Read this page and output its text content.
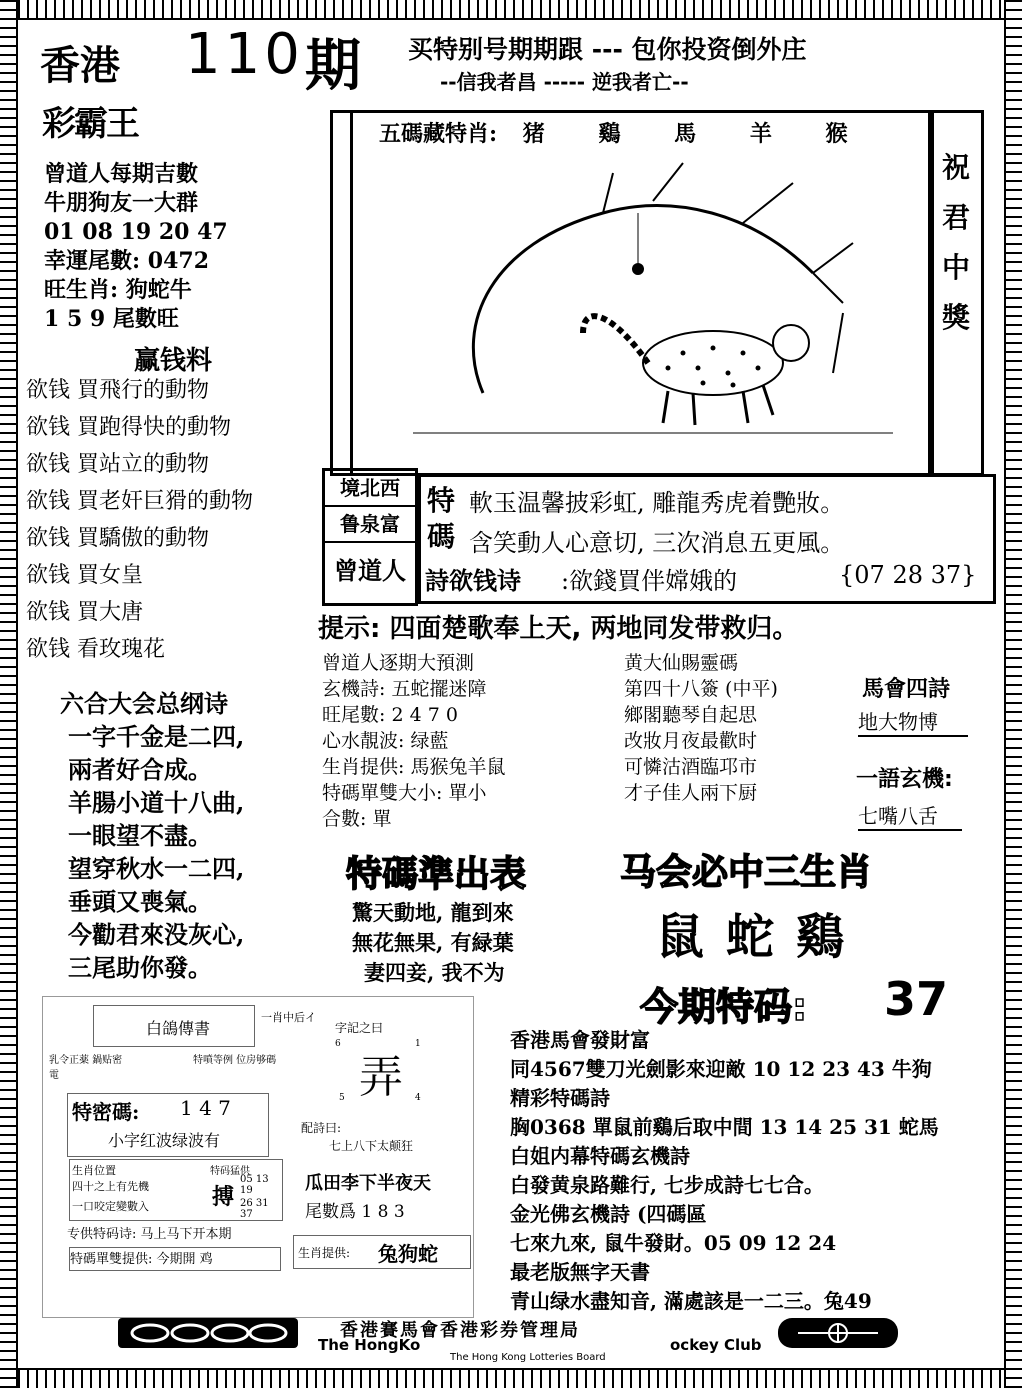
香港 110 期
彩霸王
买特别号期期跟 --- 包你投资倒外庄
--信我者昌 ----- 逆我者亡--
曾道人每期吉數
牛朋狗友一大群
01 08 19 20 47
幸運尾數: 0472
旺生肖: 狗蛇牛
1 5 9 尾數旺
赢钱料
欲钱 買飛行的動物
欲钱 買跑得快的動物
欲钱 買站立的動物
欲钱 買老奸巨猾的動物
欲钱 買驕傲的動物
欲钱 買女皇
欲钱 買大唐
欲钱 看玫瑰花
五碼藏特肖: 猪 鷄 馬 羊 猴
祝
君
中
獎
境北西
鲁泉富
曾道人
特
碼
軟玉温馨披彩虹, 雕龍秀虎着艷妝。
含笑動人心意切, 三次消息五更風。
詩欲钱诗 :欲錢買伴嫦娥的	{07 28 37}
提示: 四面楚歌奉上天, 两地同发带救归。
曾道人逐期大預測
玄機詩: 五蛇擺迷障
旺尾數: 2 4 7 0
心水靚波: 绿藍
生肖提供: 馬猴兔羊鼠
特碼單雙大小: 單小
合數: 單
黄大仙賜靈碼
第四十八簽 (中平)
鄉閣聽琴自起思
改妝月夜最歡时
可憐沽酒臨邛市
才子佳人兩下厨
馬會四詩
地大物博
一語玄機:
七嘴八舌
六合大会总纲诗
一字千金是二四,
兩者好合成。
羊腸小道十八曲,
一眼望不盡。
望穿秋水一二四,
垂頭又喪氣。
今勸君來没灰心,
三尾助你發。
特碼準出表
驚天動地, 龍到來
無花無果, 有緑葉
妻四妾, 我不为
马会必中三生肖
鼠蛇鷄
今期特码: 37
白鴿傳書
一肖中后イ
乳令正薬 鍋贴密電
特噴等例 位房够碼
特密碼: 1 4 7
小字红波绿波有
生肖位置
四十之上有先機
一口咬定變數入
特码猛供
搏
05 13 19
26 31 37
专供特码诗: 马上马下开本期
特碼單雙提供: 今期開 鸡
字記之曰
6	1
弄
5	4
配詩曰:
七上八下太颠狂
瓜田李下半夜天
尾數爲 1 8 3
生肖提供: 兔狗蛇
香港馬會發財富
同4567雙刀光劍影來迎敵 10 12 23 43 牛狗
精彩特碼詩
胸0368 單鼠前鷄后取中間 13 14 25 31 蛇馬
白姐内幕特碼玄機詩
白發黄泉路難行, 七步成詩七七合。
金光佛玄機詩 (四碼區
七來九來, 鼠牛發財。05 09 12 24
最老版無字天書
青山绿水盡知音, 滿處該是一二三。兔49
香港賽馬會香港彩券管理局
The HongKo	ockey Club
The Hong Kong Lotteries Board
